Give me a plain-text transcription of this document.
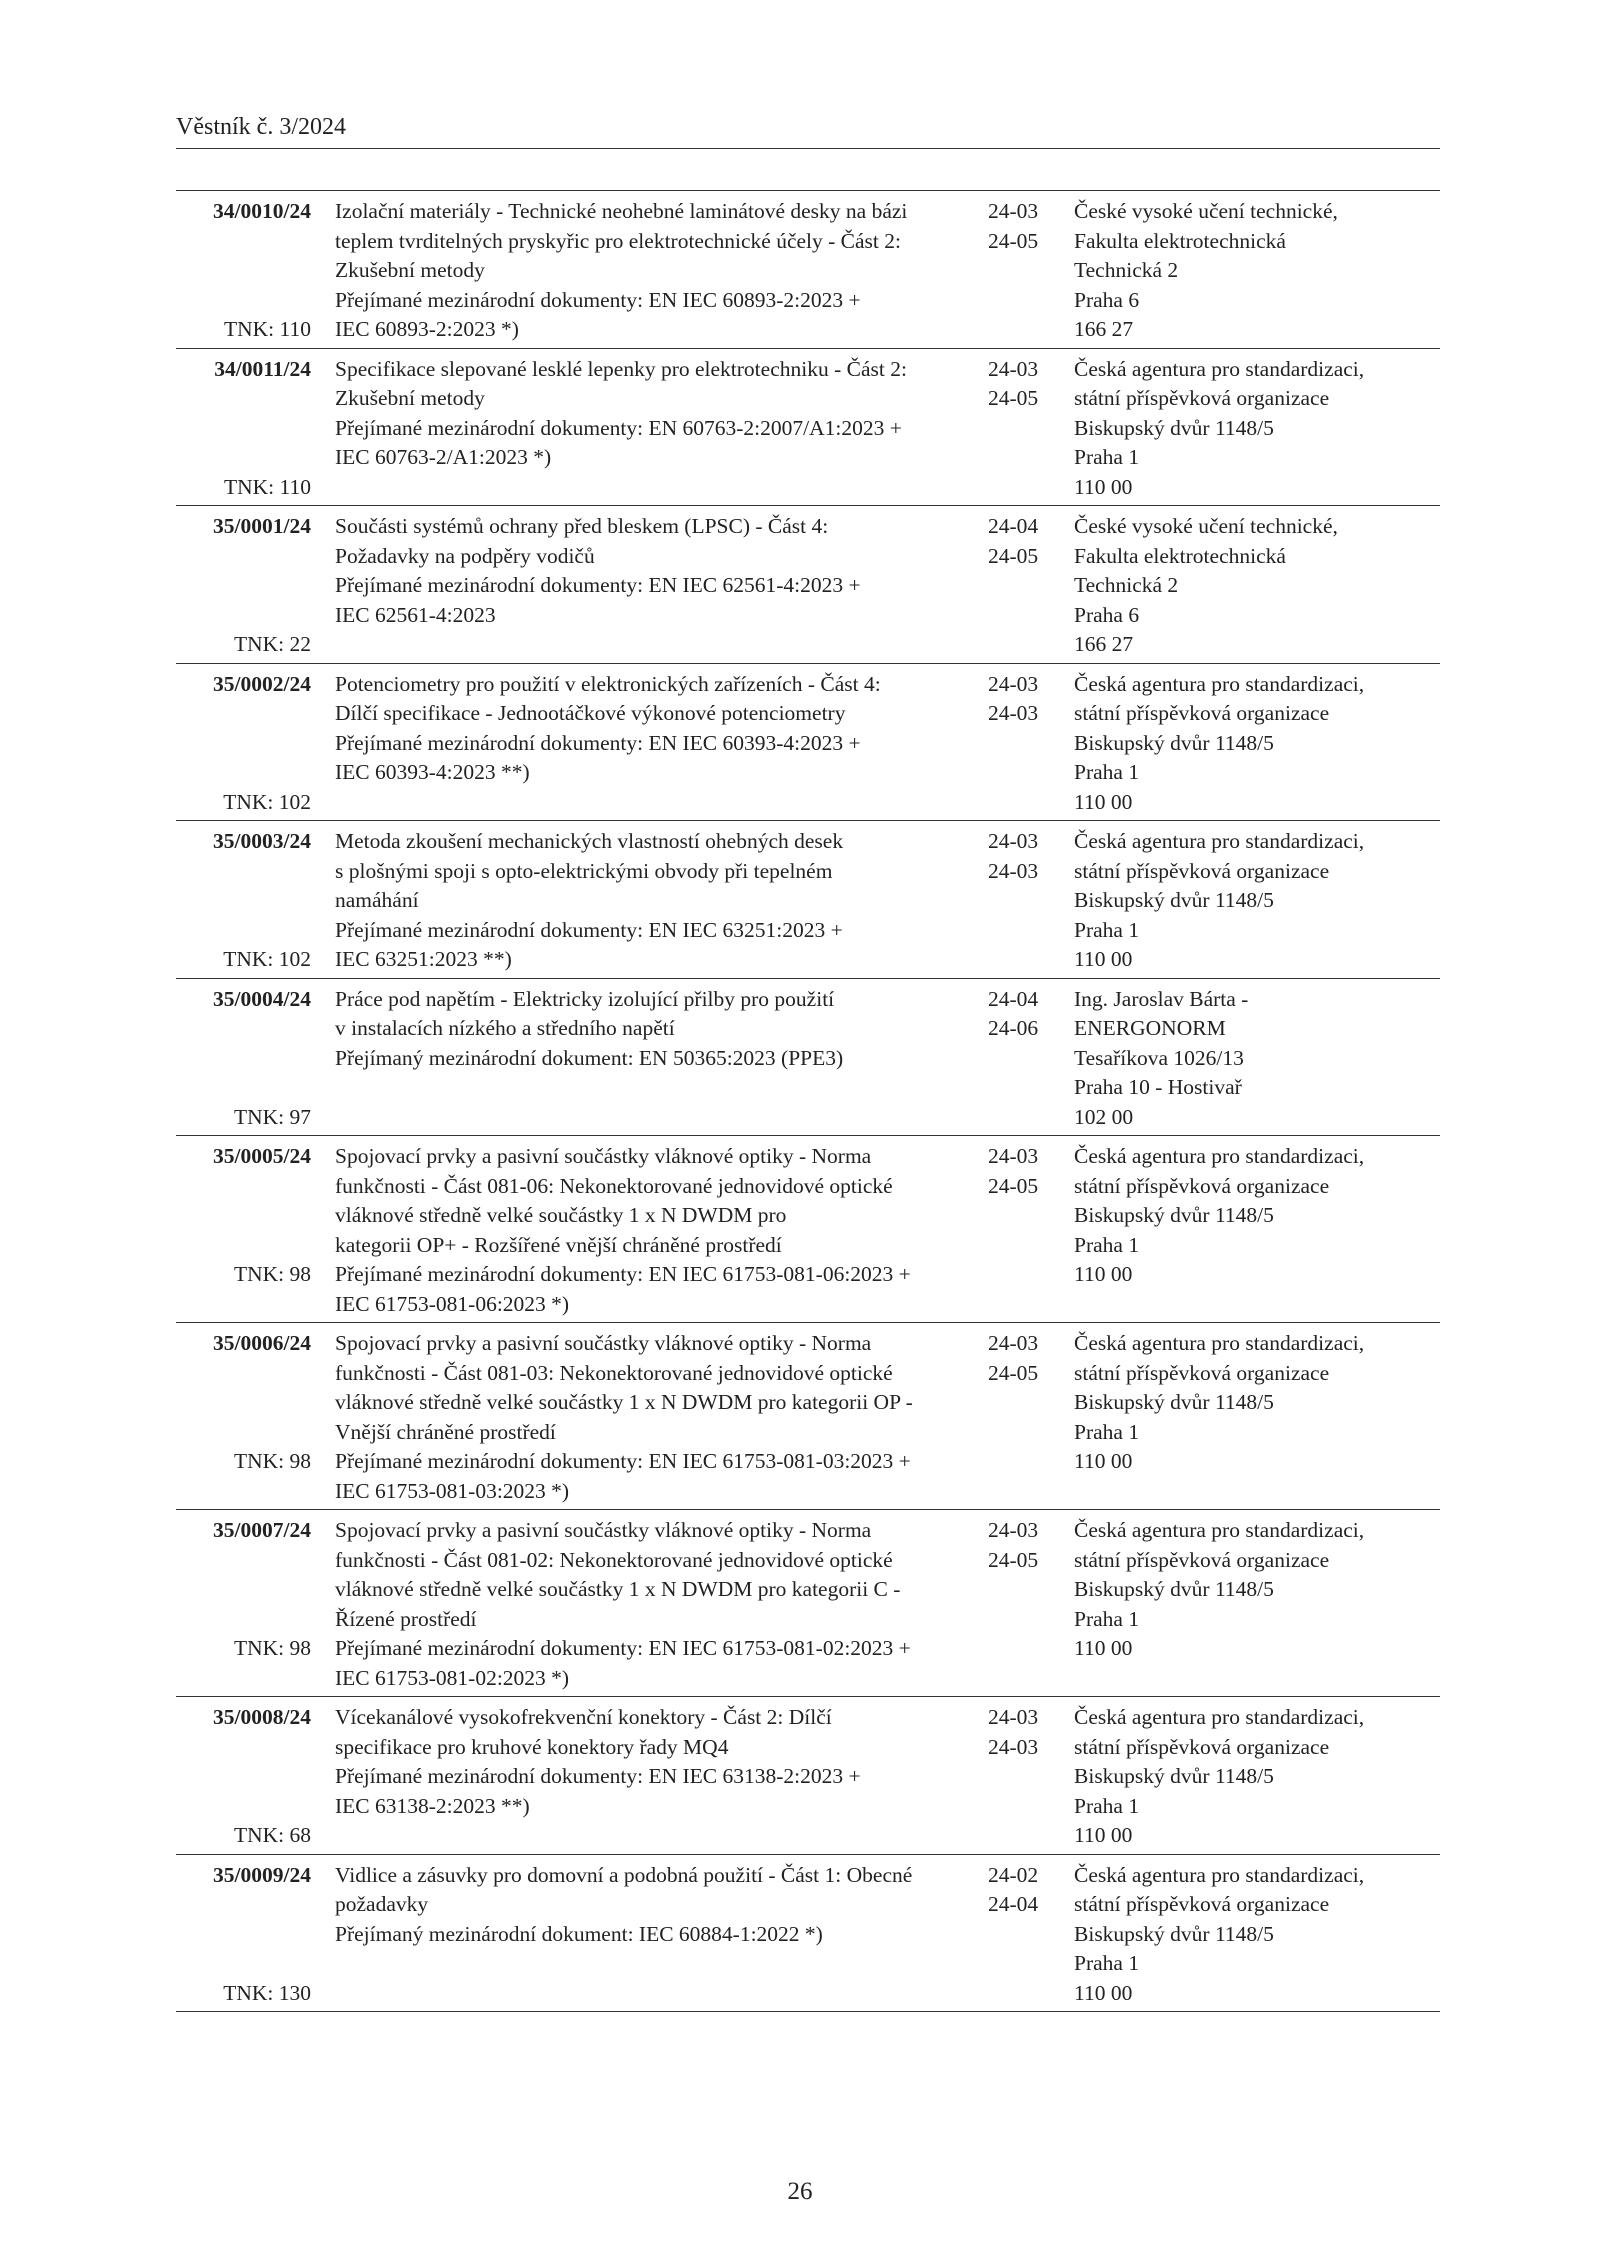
Věstník č. 3/2024
34/0010/24
TNK: 110
Izolační materiály - Technické neohebné laminátové desky na bázi
teplem tvrditelných pryskyřic pro elektrotechnické účely - Část 2:
Zkušební metody
Přejímané mezinárodní dokumenty: EN IEC 60893-2:2023 +
IEC 60893-2:2023 *)
24-03
24-05
České vysoké učení technické,
Fakulta elektrotechnická
Technická 2
Praha 6
166 27
34/0011/24
TNK: 110
Specifikace slepované lesklé lepenky pro elektrotechniku - Část 2:
Zkušební metody
Přejímané mezinárodní dokumenty: EN 60763-2:2007/A1:2023 +
IEC 60763-2/A1:2023 *)
24-03
24-05
Česká agentura pro standardizaci,
státní příspěvková organizace
Biskupský dvůr 1148/5
Praha 1
110 00
35/0001/24
TNK: 22
Součásti systémů ochrany před bleskem (LPSC) - Část 4:
Požadavky na podpěry vodičů
Přejímané mezinárodní dokumenty: EN IEC 62561-4:2023 +
IEC 62561-4:2023
24-04
24-05
České vysoké učení technické,
Fakulta elektrotechnická
Technická 2
Praha 6
166 27
35/0002/24
TNK: 102
Potenciometry pro použití v elektronických zařízeních - Část 4:
Dílčí specifikace - Jednootáčkové výkonové potenciometry
Přejímané mezinárodní dokumenty: EN IEC 60393-4:2023 +
IEC 60393-4:2023 **)
24-03
24-03
Česká agentura pro standardizaci,
státní příspěvková organizace
Biskupský dvůr 1148/5
Praha 1
110 00
35/0003/24
TNK: 102
Metoda zkoušení mechanických vlastností ohebných desek
s plošnými spoji s opto-elektrickými obvody při tepelném
namáhání
Přejímané mezinárodní dokumenty: EN IEC 63251:2023 +
IEC 63251:2023 **)
24-03
24-03
Česká agentura pro standardizaci,
státní příspěvková organizace
Biskupský dvůr 1148/5
Praha 1
110 00
35/0004/24
TNK: 97
Práce pod napětím - Elektricky izolující přilby pro použití
v instalacích nízkého a středního napětí
Přejímaný mezinárodní dokument: EN 50365:2023 (PPE3)
24-04
24-06
Ing. Jaroslav Bárta -
ENERGONORM
Tesaříkova 1026/13
Praha 10 - Hostivař
102 00
35/0005/24
TNK: 98
Spojovací prvky a pasivní součástky vláknové optiky - Norma
funkčnosti - Část 081-06: Nekonektorované jednovidové optické
vláknové středně velké součástky 1 x N DWDM pro
kategorii OP+ - Rozšířené vnější chráněné prostředí
Přejímané mezinárodní dokumenty: EN IEC 61753-081-06:2023 +
IEC 61753-081-06:2023 *)
24-03
24-05
Česká agentura pro standardizaci,
státní příspěvková organizace
Biskupský dvůr 1148/5
Praha 1
110 00
35/0006/24
TNK: 98
Spojovací prvky a pasivní součástky vláknové optiky - Norma
funkčnosti - Část 081-03: Nekonektorované jednovidové optické
vláknové středně velké součástky 1 x N DWDM pro kategorii OP -
Vnější chráněné prostředí
Přejímané mezinárodní dokumenty: EN IEC 61753-081-03:2023 +
IEC 61753-081-03:2023 *)
24-03
24-05
Česká agentura pro standardizaci,
státní příspěvková organizace
Biskupský dvůr 1148/5
Praha 1
110 00
35/0007/24
TNK: 98
Spojovací prvky a pasivní součástky vláknové optiky - Norma
funkčnosti - Část 081-02: Nekonektorované jednovidové optické
vláknové středně velké součástky 1 x N DWDM pro kategorii C -
Řízené prostředí
Přejímané mezinárodní dokumenty: EN IEC 61753-081-02:2023 +
IEC 61753-081-02:2023 *)
24-03
24-05
Česká agentura pro standardizaci,
státní příspěvková organizace
Biskupský dvůr 1148/5
Praha 1
110 00
35/0008/24
TNK: 68
Vícekanálové vysokofrekvenční konektory - Část 2: Dílčí
specifikace pro kruhové konektory řady MQ4
Přejímané mezinárodní dokumenty: EN IEC 63138-2:2023 +
IEC 63138-2:2023 **)
24-03
24-03
Česká agentura pro standardizaci,
státní příspěvková organizace
Biskupský dvůr 1148/5
Praha 1
110 00
35/0009/24
TNK: 130
Vidlice a zásuvky pro domovní a podobná použití - Část 1: Obecné
požadavky
Přejímaný mezinárodní dokument: IEC 60884-1:2022 *)
24-02
24-04
Česká agentura pro standardizaci,
státní příspěvková organizace
Biskupský dvůr 1148/5
Praha 1
110 00
26
